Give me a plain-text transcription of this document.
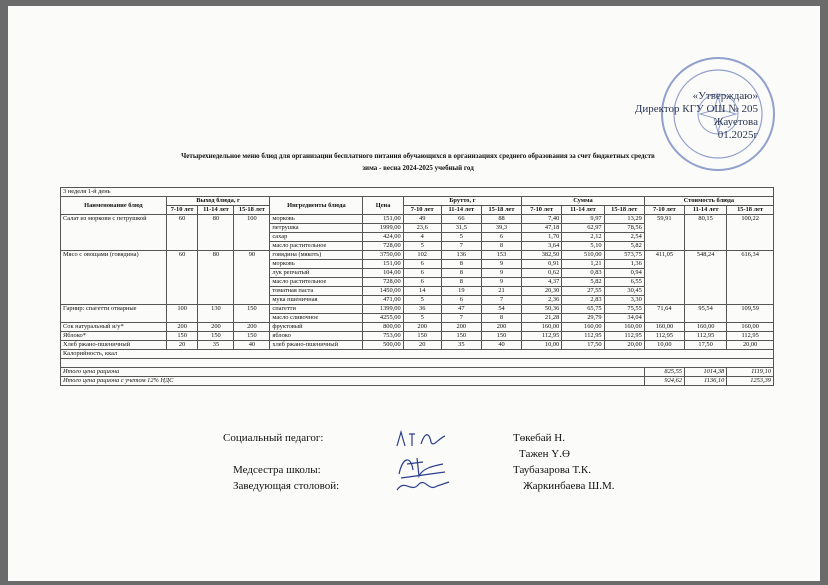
«Утверждаю»
Директор КГУ ОШ № 205
Жауетова
01.2025г
Четырехнедельное меню блюд для организации бесплатного питания обучающихся в организациях среднего образования за счет бюджетных средств
зима - весна 2024-2025 учебный год
3 неделя 1-й день														
Наименование блюд	Выход блюда, г			Ингредиенты блюда	Цена	Брутто, г			Сумма			Стоимость блюда		
	7-10 лет	11-14 лет	15-18 лет			7-10 лет	11-14 лет	15-18 лет	7-10 лет	11-14 лет	15-18 лет	7-10 лет	11-14 лет	15-18 лет
Салат из моркови с петрушкой	60	80	100	морковь	151,00	49	66	88	7,40	9,97	13,29	59,91	80,15	100,22
				петрушка	1999,00	23,6	31,5	39,3	47,18	62,97	78,56			
				сахар	424,00	4	5	6	1,70	2,12	2,54			
				масло растительное	728,00	5	7	8	3,64	5,10	5,82			
Мясо с овощами (говядина)	60	80	90	говядина (мякоть)	3750,00	102	136	153	382,50	510,00	573,75	411,05	548,24	616,34
				морковь	151,00	6	8	9	0,91	1,21	1,36			
				лук репчатый	104,00	6	8	9	0,62	0,83	0,94			
				масло растительное	728,00	6	8	9	4,37	5,82	6,55			
				томатная паста	1450,00	14	19	21	20,30	27,55	30,45			
				мука пшеничная	471,00	5	6	7	2,36	2,83	3,30			
Гарнир: спагетти отварные	100	130	150	спагетти	1399,00	36	47	54	50,36	65,75	75,55	71,64	95,54	109,59
				масло сливочное	4255,00	5	7	8	21,28	29,79	34,04			
Сок натуральный и/у*	200	200	200	фруктовый	800,00	200	200	200	160,00	160,00	160,00	160,00	160,00	160,00
Яблоко*	150	150	150	яблоко	753,00	150	150	150	112,95	112,95	112,95	112,95	112,95	112,95
Хлеб ржано-пшеничный	20	35	40	хлеб ржано-пшеничный	500,00	20	35	40	10,00	17,50	20,00	10,00	17,50	20,00
Калорийность, ккал														

Итого цена рациона												825,55	1014,38	1119,10
Итого цена рациона с учетом 12% НДС												924,62	1136,10	1253,39
Социальный педагог:	Төкебай Н.
Тажен Ү.Ө
Медсестра школы:	Таубазарова Т.К.
Заведующая столовой:	Жаркинбаева Ш.М.
